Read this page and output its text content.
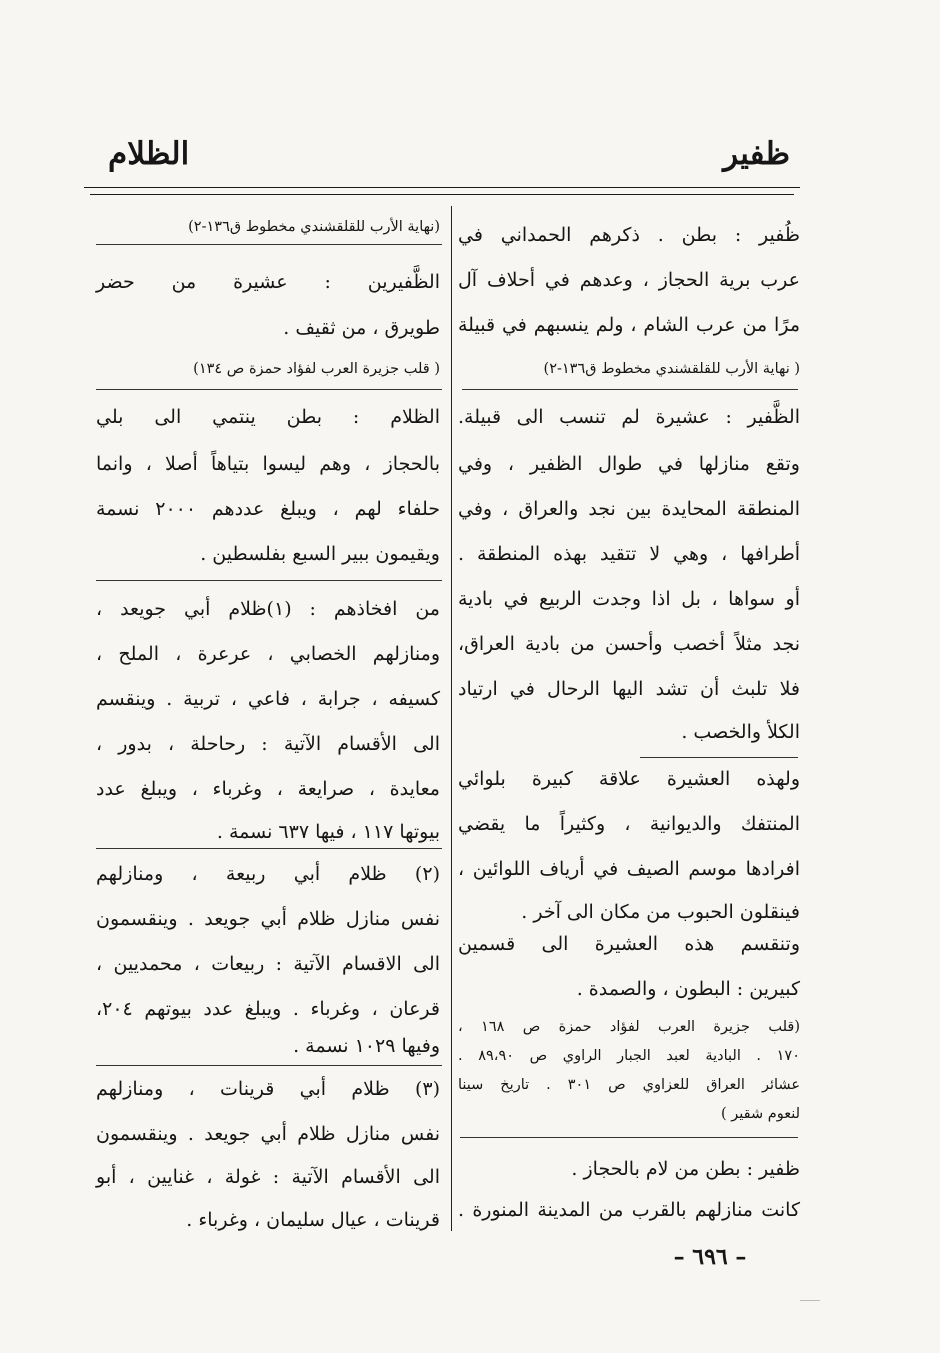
ظفير
الظلام
ظُفير : بطن . ذكرهم الحمداني في
عرب برية الحجاز ، وعدهم في أحلاف آل
مرًا من عرب الشام ، ولم ينسبهم في قبيلة
( نهاية الأرب للقلقشندي مخطوط ق١٣٦-٢)
الظَّفير : عشيرة لم تنسب الى قبيلة.
وتقع منازلها في طوال الظفير ، وفي
المنطقة المحايدة بين نجد والعراق ، وفي
أطرافها ، وهي لا تتقيد بهذه المنطقة .
أو سواها ، بل اذا وجدت الربيع في بادية
نجد مثلاً أخصب وأحسن من بادية العراق،
فلا تلبث أن تشد اليها الرحال في ارتياد
الكلأ والخصب .
ولهذه العشيرة علاقة كبيرة بلوائي
المنتفك والديوانية ، وكثيراً ما يقضي
افرادها موسم الصيف في أرياف اللوائين ،
فينقلون الحبوب من مكان الى آخر .
وتنقسم هذه العشيرة الى قسمين
كبيرين : البطون ، والصمدة .
(قلب جزيرة العرب لفؤاد حمزة ص ١٦٨ ،
١٧٠ . البادية لعبد الجبار الراوي ص ٨٩،٩٠ .
عشائر العراق للعزاوي ص ٣٠١ . تاريخ سينا
لنعوم شقير )
ظفير : بطن من لام بالحجاز .
كانت منازلهم بالقرب من المدينة المنورة .
(نهاية الأرب للقلقشندي مخطوط ق١٣٦-٢)
الظَّفيرين : عشيرة من حضر
طويرق ، من ثقيف .
( قلب جزيرة العرب لفؤاد حمزة ص ١٣٤)
الظلام : بطن ينتمي الى بلي
بالحجاز ، وهم ليسوا بتياهاً أصلا ، وانما
حلفاء لهم ، ويبلغ عددهم ٢٠٠٠ نسمة
ويقيمون ببير السبع بفلسطين .
من افخاذهم : (١)ظلام أبي جويعد ،
ومنازلهم الخصابي ، عرعرة ، الملح ،
كسيفه ، جرابة ، فاعي ، تربية . وينقسم
الى الأقسام الآتية : رحاحلة ، بدور ،
معايدة ، صرايعة ، وغرباء ، ويبلغ عدد
بيوتها ١١٧ ، فيها ٦٣٧ نسمة .
(٢) ظلام أبي ربيعة ، ومنازلهم
نفس منازل ظلام أبي جويعد . وينقسمون
الى الاقسام الآتية : ربيعات ، محمديين ،
قرعان ، وغرباء . ويبلغ عدد بيوتهم ٢٠٤،
وفيها ١٠٢٩ نسمة .
(٣) ظلام أبي قرينات ، ومنازلهم
نفس منازل ظلام أبي جويعد . وينقسمون
الى الأقسام الآتية : غولة ، غنايين ، أبو
قرينات ، عيال سليمان ، وغرباء .
– ٦٩٦ –
